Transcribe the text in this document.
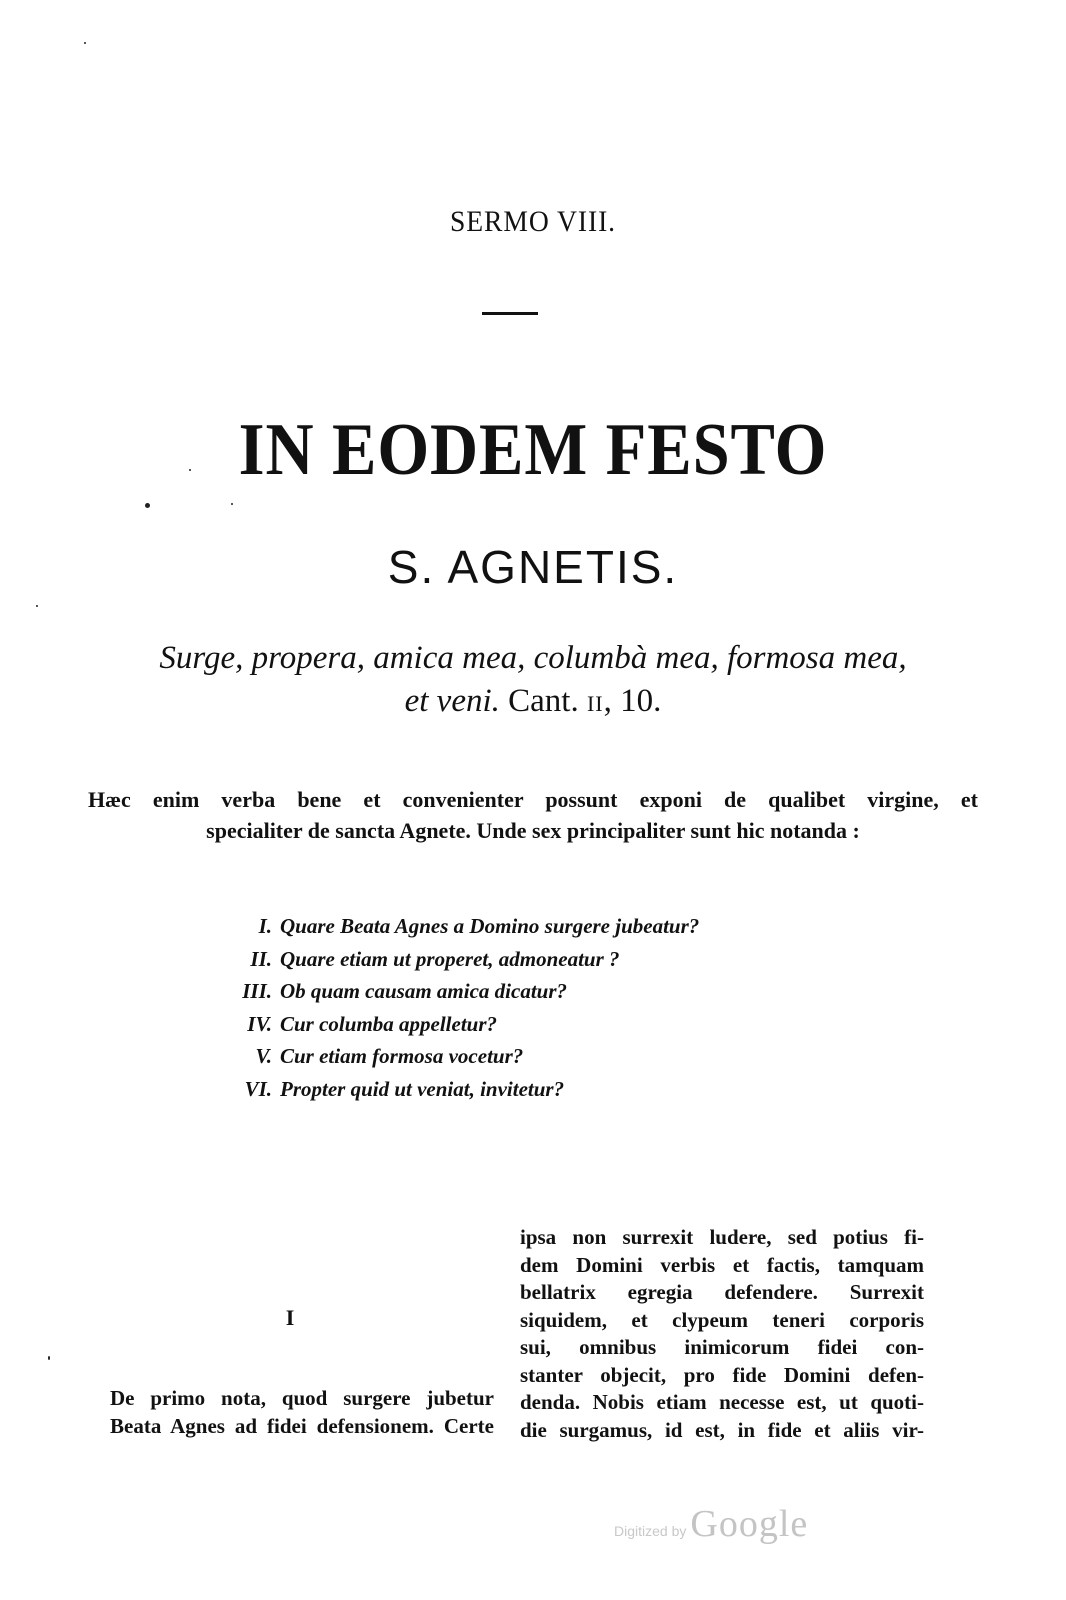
SERMO VIII.
IN EODEM FESTO
S. AGNETIS.
Surge, propera, amica mea, columbà mea, formosa mea,
et veni. Cant. II, 10.
Hæc enim verba bene et convenienter possunt exponi de qualibet virgine, et
specialiter de sancta Agnete. Unde sex principaliter sunt hic notanda :
I. Quare Beata Agnes a Domino surgere jubeatur?
II. Quare etiam ut properet, admoneatur ?
III. Ob quam causam amica dicatur?
IV. Cur columba appelletur?
V. Cur etiam formosa vocetur?
VI. Propter quid ut veniat, invitetur?
I
De primo nota, quod surgere jubetur
Beata Agnes ad fidei defensionem. Certe
ipsa non surrexit ludere, sed potius fi-
dem Domini verbis et factis, tamquam
bellatrix egregia defendere. Surrexit
siquidem, et clypeum teneri corporis
sui, omnibus inimicorum fidei con-
stanter objecit, pro fide Domini defen-
denda. Nobis etiam necesse est, ut quoti-
die surgamus, id est, in fide et aliis vir-
Digitized by Google
